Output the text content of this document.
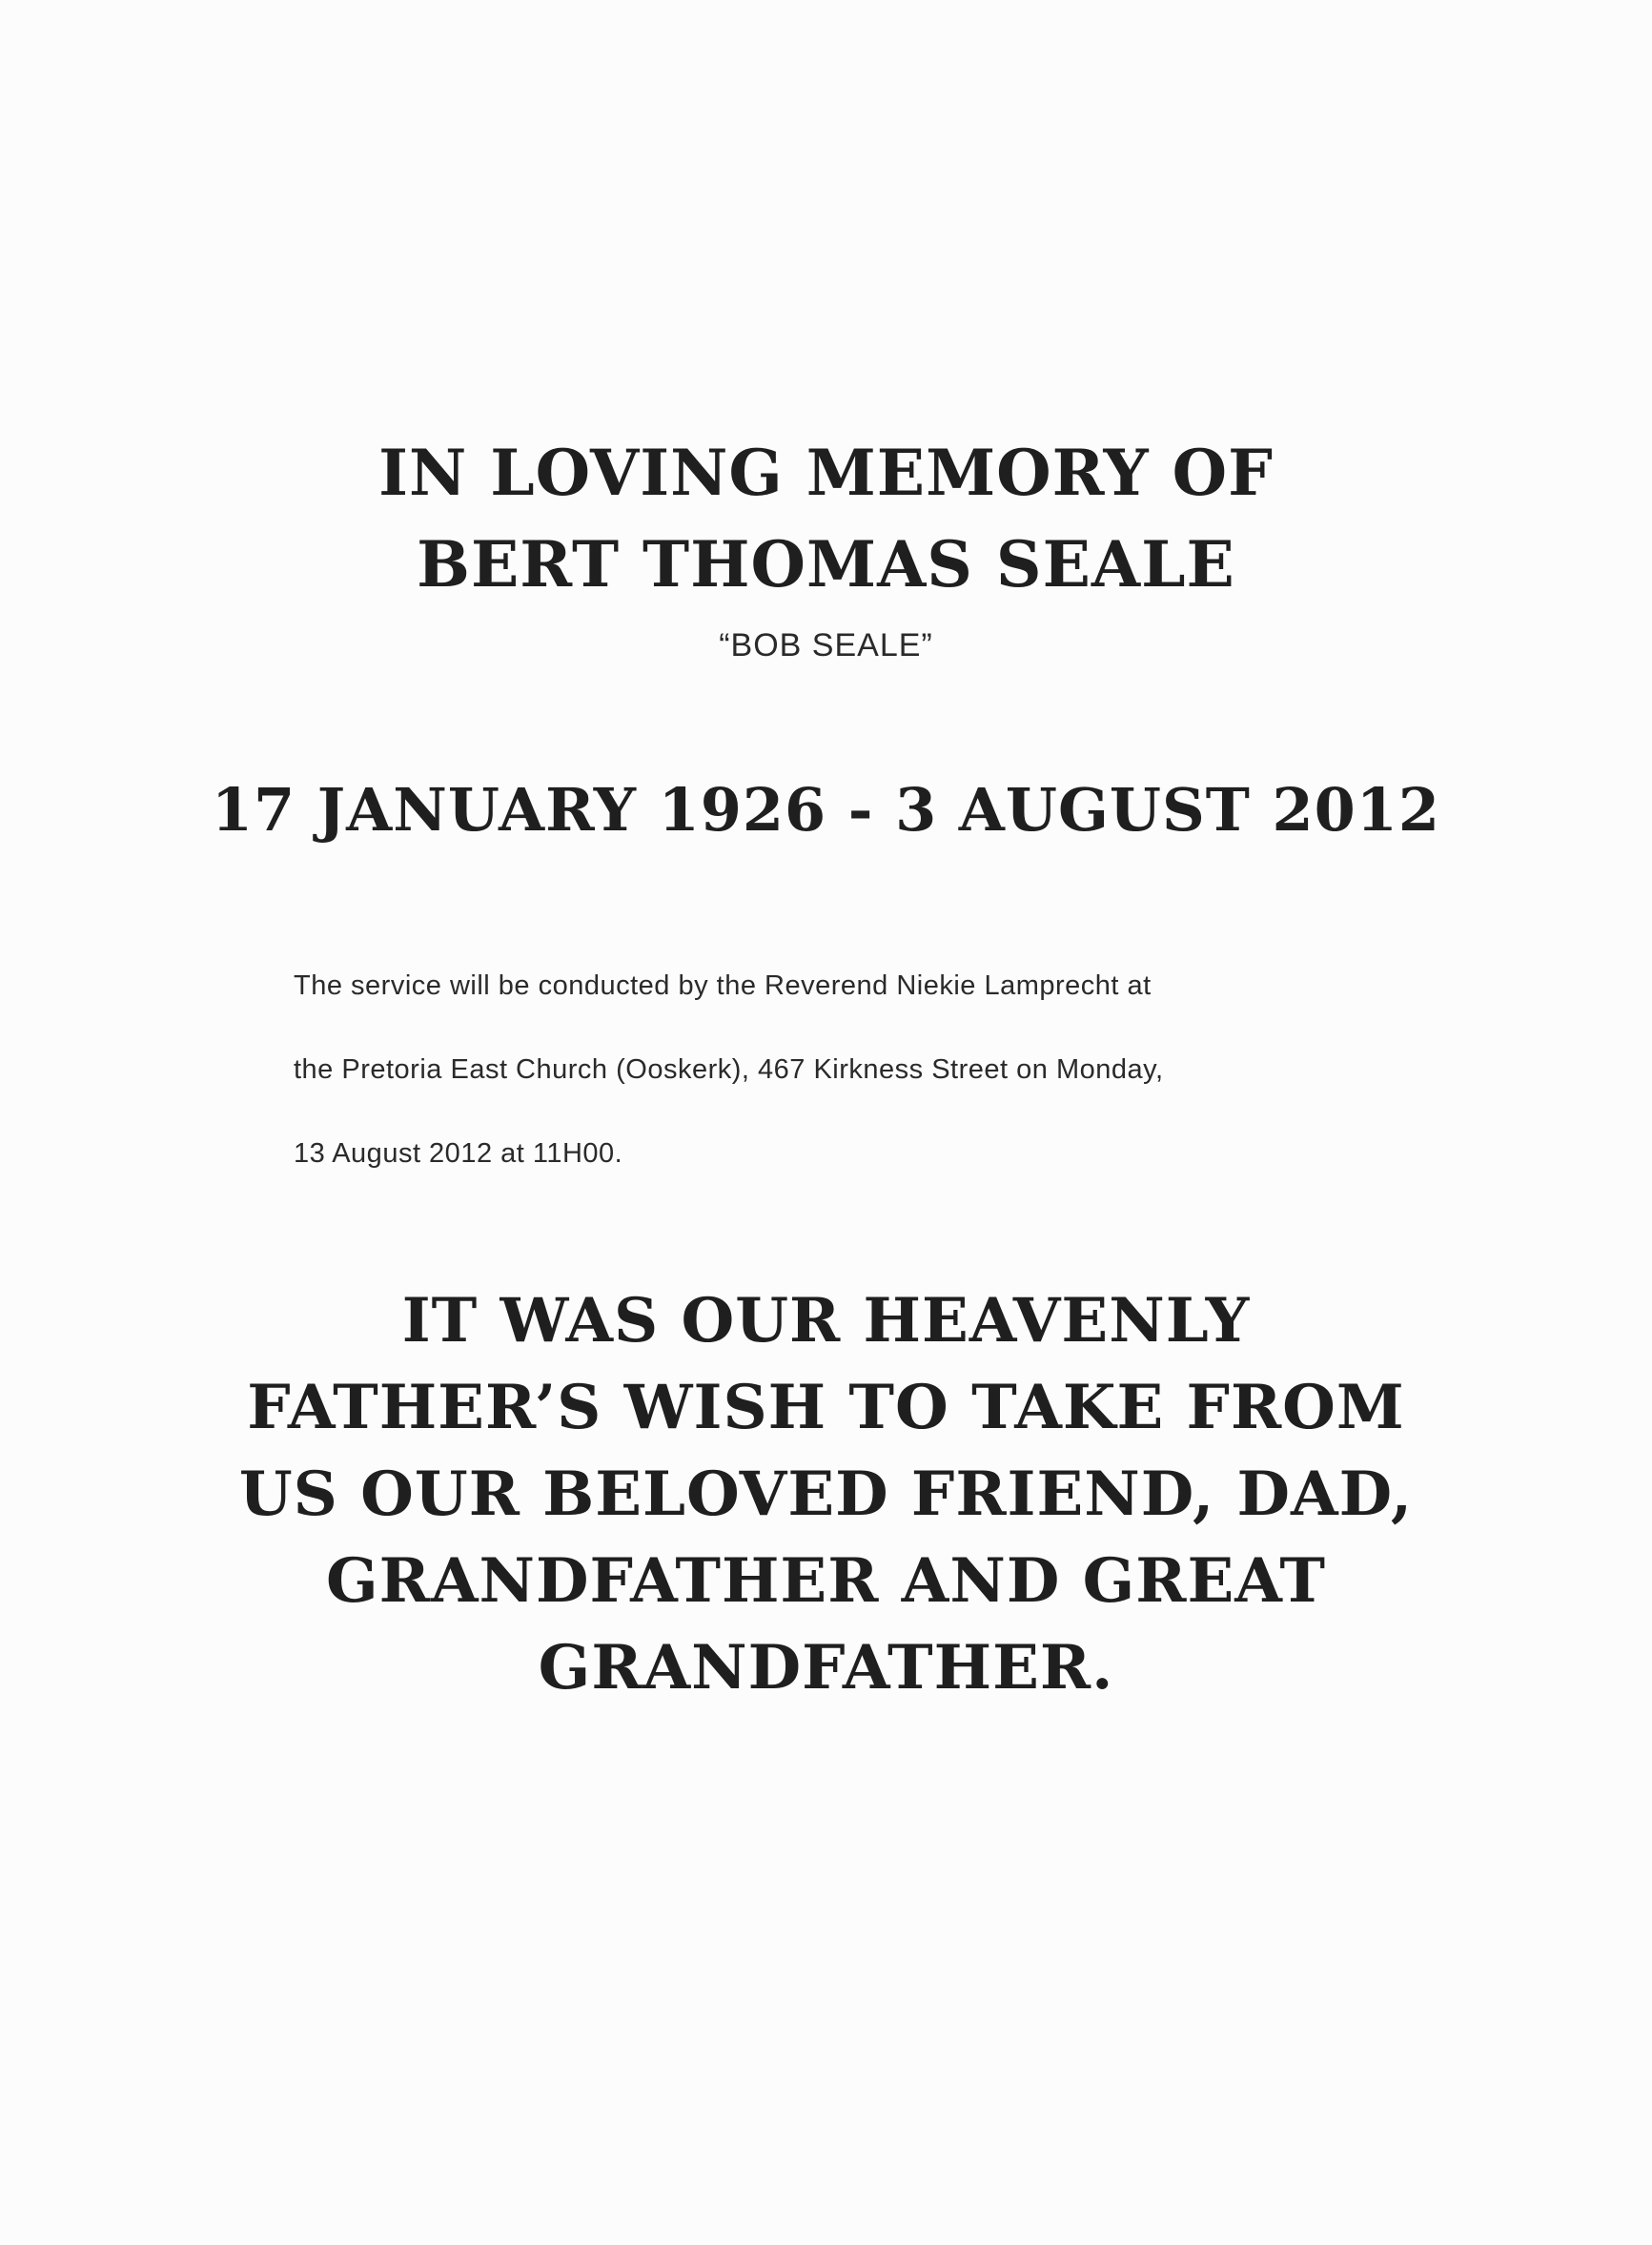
IN LOVING MEMORY OF
BERT THOMAS SEALE
“BOB SEALE”
17 JANUARY 1926 - 3 AUGUST 2012

The service will be conducted by the Reverend Niekie Lamprecht at
the Pretoria East Church (Ooskerk), 467 Kirkness Street on Monday,
13 August 2012 at 11H00.

IT WAS OUR HEAVENLY
FATHER’S WISH TO TAKE FROM
US OUR BELOVED FRIEND, DAD,
GRANDFATHER AND GREAT
GRANDFATHER.
